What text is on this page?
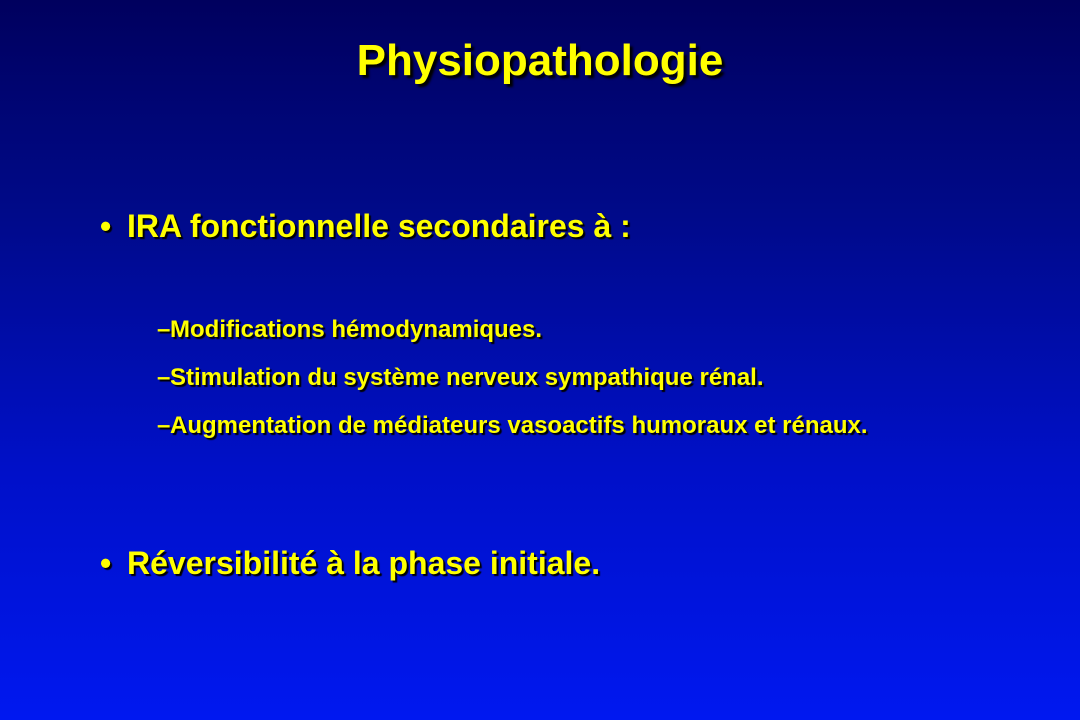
Physiopathologie
• IRA fonctionnelle secondaires à :
– Modifications hémodynamiques.
– Stimulation du système nerveux sympathique rénal.
– Augmentation de médiateurs vasoactifs humoraux et rénaux.
• Réversibilité à la phase initiale.
